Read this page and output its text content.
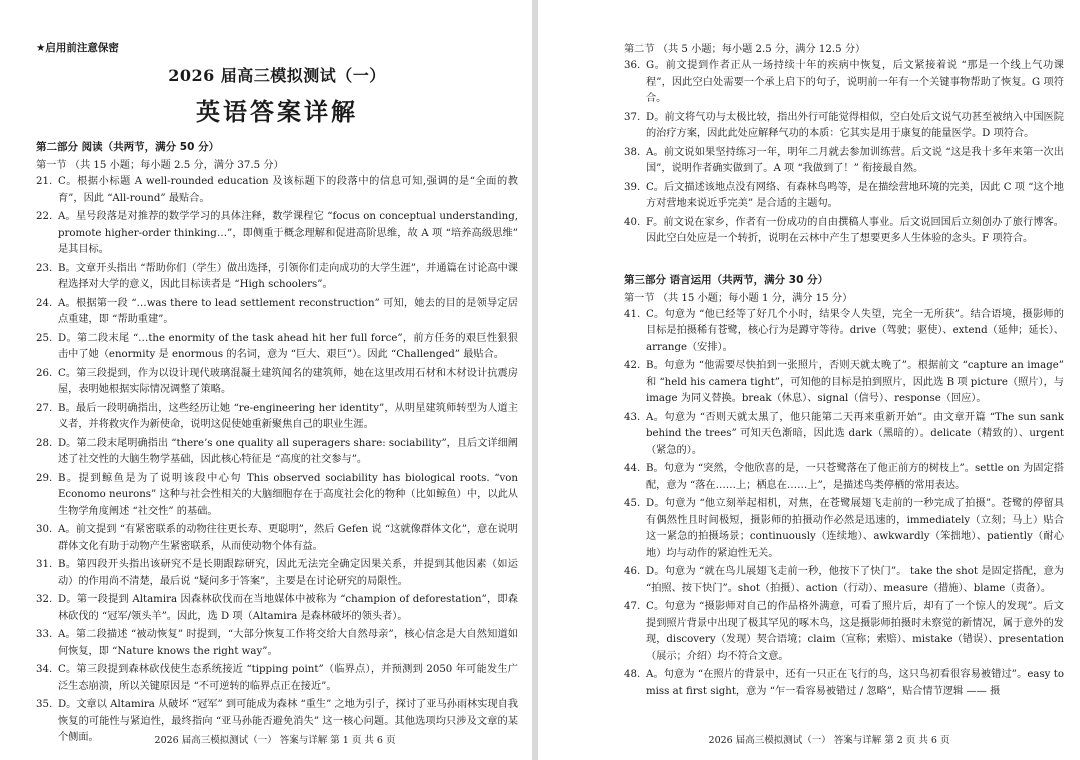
★启用前注意保密
2026 届高三模拟测试（一）
英语答案详解
第二部分 阅读（共两节，满分 50 分）
第一节 （共 15 小题；每小题 2.5 分，满分 37.5 分）
21. C。根据小标题 A well-rounded education 及该标题下的段落中的信息可知,强调的是“全面的教育”，因此 “All-round” 最贴合。
22. A。星号段落是对推荐的数学学习的具体注释，数学课程它 “focus on conceptual understanding, promote higher-order thinking…”，即侧重于概念理解和促进高阶思维，故 A 项 “培养高级思维” 是其目标。
23. B。文章开头指出 “帮助你们（学生）做出选择，引领你们走向成功的大学生涯”，并通篇在讨论高中课程选择对大学的意义，因此目标读者是 “High schoolers”。
24. A。根据第一段 “…was there to lead settlement reconstruction” 可知，她去的目的是领导定居点重建，即 “帮助重建”。
25. D。第二段末尾 “…the enormity of the task ahead hit her full force”，前方任务的艰巨性狠狠击中了她（enormity 是 enormous 的名词，意为 “巨大、艰巨”）。因此 “Challenged” 最贴合。
26. C。第三段提到，作为以设计现代玻璃混凝土建筑闻名的建筑师，她在这里改用石材和木材设计抗震房屋，表明她根据实际情况调整了策略。
27. B。最后一段明确指出，这些经历让她 “re-engineering her identity”，从明星建筑师转型为人道主义者，并将救灾作为新使命，说明这促使她重新聚焦自己的职业生涯。
28. D。第二段末尾明确指出 “there’s one quality all superagers share: sociability”，且后文详细阐述了社交性的大脑生物学基础，因此核心特征是 “高度的社交参与”。
29. B。提到鲸鱼是为了说明该段中心句 This observed sociability has biological roots. “von Economo neurons” 这种与社会性相关的大脑细胞存在于高度社会化的物种（比如鲸鱼）中，以此从生物学角度阐述 “社交性” 的基础。
30. A。前文提到 “有紧密联系的动物往往更长寿、更聪明”，然后 Gefen 说 “这就像群体文化”，意在说明群体文化有助于动物产生紧密联系，从而使动物个体有益。
31. B。第四段开头指出该研究不是长期跟踪研究，因此无法完全确定因果关系，并提到其他因素（如运动）的作用尚不清楚，最后说 “疑问多于答案”，主要是在讨论研究的局限性。
32. D。第一段提到 Altamira 因森林砍伐而在当地媒体中被称为 “champion of deforestation”，即森林砍伐的 “冠军/领头羊”。因此，选 D 项（Altamira 是森林破坏的领头者）。
33. A。第二段描述 “被动恢复” 时提到，“大部分恢复工作将交给大自然母亲”，核心信念是大自然知道如何恢复，即 “Nature knows the right way”。
34. C。第三段提到森林砍伐使生态系统接近 “tipping point”（临界点），并预测到 2050 年可能发生广泛生态崩溃，所以关键原因是 “不可逆转的临界点正在接近”。
35. D。文章以 Altamira 从破坏 “冠军” 到可能成为森林 “重生” 之地为引子，探讨了亚马孙雨林实现自我恢复的可能性与紧迫性，最终指向 “亚马孙能否避免消失” 这一核心问题。其他选项均只涉及文章的某个侧面。	2026 届高三模拟测试（一） 答案与详解 第 1 页 共 6 页
第二节 （共 5 小题；每小题 2.5 分，满分 12.5 分）
36. G。前文提到作者正从一场持续十年的疾病中恢复，后文紧接着说 “那是一个线上气功课程”，因此空白处需要一个承上启下的句子，说明前一年有一个关键事物帮助了恢复。G 项符合。
37. D。前文将气功与太极比较，指出外行可能觉得相似，空白处后文说气功甚至被纳入中国医院的治疗方案，因此此处应解释气功的本质：它其实是用于康复的能量医学。D 项符合。
38. A。前文说如果坚持练习一年，明年二月就去参加训练营。后文说 “这是我十多年来第一次出国”，说明作者确实做到了。A 项 “我做到了！” 衔接最自然。
39. C。后文描述该地点没有网络、有森林鸟鸣等，是在描绘营地环境的完美，因此 C 项 “这个地方对营地来说近乎完美” 是合适的主题句。
40. F。前文说在家乡，作者有一份成功的自由撰稿人事业。后文说回国后立刻创办了旅行博客。因此空白处应是一个转折，说明在云林中产生了想要更多人生体验的念头。F 项符合。
第三部分 语言运用（共两节，满分 30 分）
第一节 （共 15 小题；每小题 1 分，满分 15 分）
41. C。句意为 “他已经等了好几个小时，结果令人失望，完全一无所获”。结合语境，摄影师的目标是拍摄稀有苍鹭，核心行为是蹲守等待。drive（驾驶；驱使）、extend（延伸；延长）、arrange（安排）。
42. B。句意为 “他需要尽快拍到一张照片，否则天就太晚了”。根据前文 “capture an image” 和 “held his camera tight”，可知他的目标是拍到照片，因此选 B 项 picture（照片），与 image 为同义替换。break（休息）、signal（信号）、response（回应）。
43. A。句意为 “否则天就太黑了，他只能第二天再来重新开始”。由文章开篇 “The sun sank behind the trees” 可知天色渐暗，因此选 dark（黑暗的）。delicate（精致的）、urgent（紧急的）。
44. B。句意为 “突然，令他欣喜的是，一只苍鹭落在了他正前方的树枝上”。settle on 为固定搭配，意为 “落在……上；栖息在……上”，是描述鸟类停栖的常用表达。
45. D。句意为 “他立刻举起相机，对焦，在苍鹭展翅飞走前的一秒完成了拍摄”。苍鹭的停留具有偶然性且时间极短，摄影师的拍摄动作必然是迅速的，immediately（立刻；马上）贴合这一紧急的拍摄场景；continuously（连续地）、awkwardly（笨拙地）、patiently（耐心地）均与动作的紧迫性无关。
46. D。句意为 “就在鸟儿展翅飞走前一秒，他按下了快门”。 take the shot 是固定搭配，意为 “拍照、按下快门”。shot（拍摄）、action（行动）、measure（措施）、blame（责备）。
47. C。句意为 “摄影师对自己的作品格外满意，可看了照片后，却有了一个惊人的发现”。后文提到照片背景中出现了极其罕见的啄木鸟，这是摄影师拍摄时未察觉的新情况，属于意外的发现，discovery（发现）契合语境；claim（宣称；索赔）、mistake（错误）、presentation（展示；介绍）均不符合文意。
48. A。句意为 “在照片的背景中，还有一只正在飞行的鸟，这只鸟初看很容易被错过”。easy to miss at first sight，意为 “乍一看容易被错过 / 忽略”，贴合情节逻辑 —— 摄
2026 届高三模拟测试（一） 答案与详解 第 2 页 共 6 页
